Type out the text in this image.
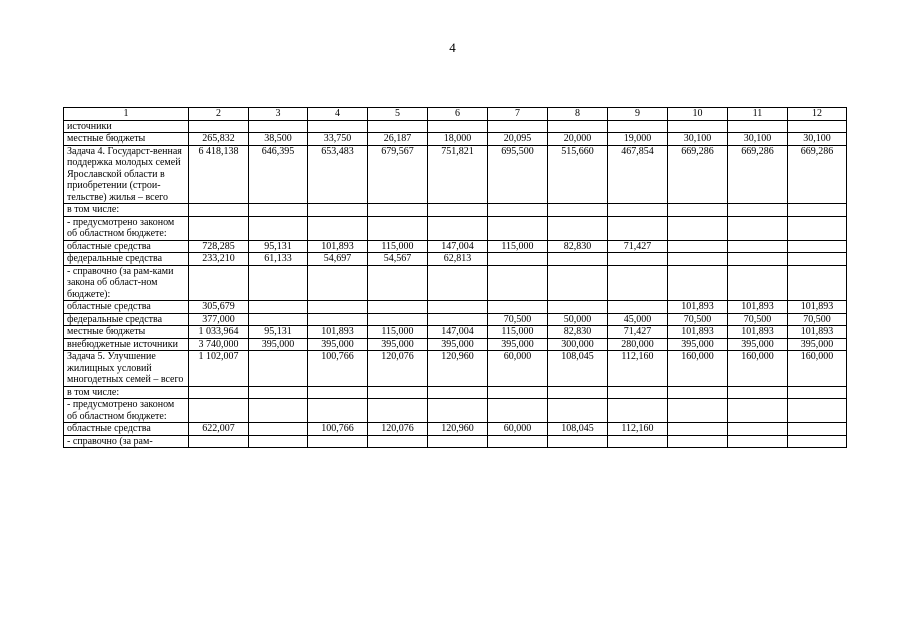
4
1	2	3	4	5	6	7	8	9	10	11	12
источники											
местные бюджеты	265,832	38,500	33,750	26,187	18,000	20,095	20,000	19,000	30,100	30,100	30,100
Задача 4. Государст-венная поддержка молодых семей Ярославской области в приобретении (строи-тельстве) жилья – всего	6 418,138	646,395	653,483	679,567	751,821	695,500	515,660	467,854	669,286	669,286	669,286
в том числе:											
- предусмотрено законом об областном бюджете:											
областные средства	728,285	95,131	101,893	115,000	147,004	115,000	82,830	71,427			
федеральные средства	233,210	61,133	54,697	54,567	62,813						
- справочно (за рам-ками закона об област-ном бюджете):											
областные средства	305,679								101,893	101,893	101,893
федеральные средства	377,000					70,500	50,000	45,000	70,500	70,500	70,500
местные бюджеты	1 033,964	95,131	101,893	115,000	147,004	115,000	82,830	71,427	101,893	101,893	101,893
внебюджетные источники	3 740,000	395,000	395,000	395,000	395,000	395,000	300,000	280,000	395,000	395,000	395,000
Задача 5. Улучшение жилищных условий многодетных семей – всего	1 102,007		100,766	120,076	120,960	60,000	108,045	112,160	160,000	160,000	160,000
в том числе:											
- предусмотрено законом об областном бюджете:											
областные средства	622,007		100,766	120,076	120,960	60,000	108,045	112,160			
- справочно (за рам-											
